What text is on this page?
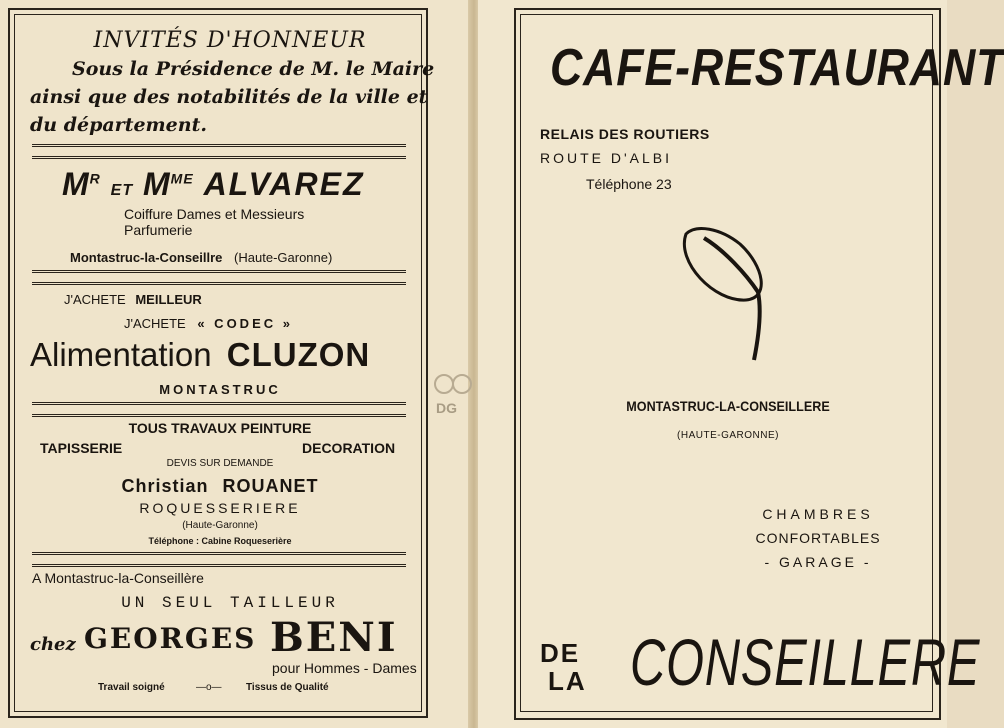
INVITÉS D'HONNEUR
Sous la Présidence de M. le Maire
ainsi que des notabilités de la ville et
du département.
$M^R$ ET $M^{ME}$ ALVAREZ
Coiffure Dames et Messieurs
Parfumerie
Montastruc-la-Conseillre (Haute-Garonne)
J'ACHETE MEILLEUR
J'ACHETE « CODEC »
Alimentation CLUZON
MONTASTRUC
TOUS TRAVAUX PEINTURE
TAPISSERIE	DECORATION
DEVIS SUR DEMANDE
Christian ROUANET
ROQUESSERIERE
(Haute-Garonne)
Téléphone : Cabine Roqueserière
A Montastruc-la-Conseillère
UN SEUL TAILLEUR
chez GEORGES BENI
pour Hommes - Dames
Travail soigné	—o— Tissus de Qualité
DG
CAFE-RESTAURANT
RELAIS DES ROUTIERS
ROUTE D'ALBI
Téléphone 23
MONTASTRUC-LA-CONSEILLERE
(HAUTE-GARONNE)
CHAMBRES
CONFORTABLES
- GARAGE -
DE
LA CONSEILLERE
